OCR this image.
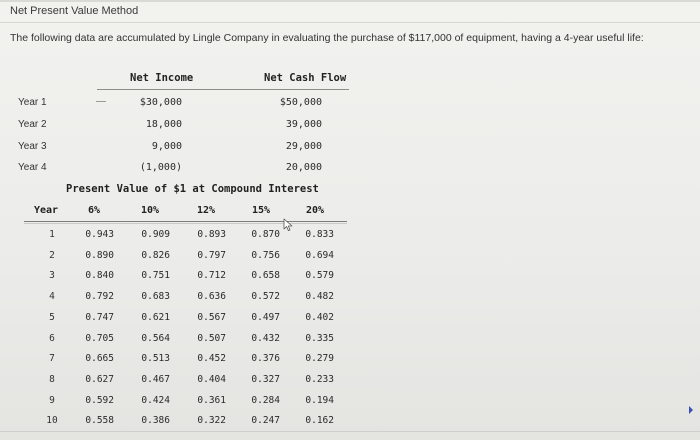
Net Present Value Method
The following data are accumulated by Lingle Company in evaluating the purchase of $117,000 of equipment, having a 4-year useful life:
Net Income	Net Cash Flow
Year 1	$30,000	$50,000
Year 2	18,000	39,000
Year 3	9,000	29,000
Year 4	(1,000)	20,000
Present Value of $1 at Compound Interest
Year	6%	10%	12%	15%	20%
1	0.943	0.909	0.893	0.870	0.833
2	0.890	0.826	0.797	0.756	0.694
3	0.840	0.751	0.712	0.658	0.579
4	0.792	0.683	0.636	0.572	0.482
5	0.747	0.621	0.567	0.497	0.402
6	0.705	0.564	0.507	0.432	0.335
7	0.665	0.513	0.452	0.376	0.279
8	0.627	0.467	0.404	0.327	0.233
9	0.592	0.424	0.361	0.284	0.194
10	0.558	0.386	0.322	0.247	0.162
